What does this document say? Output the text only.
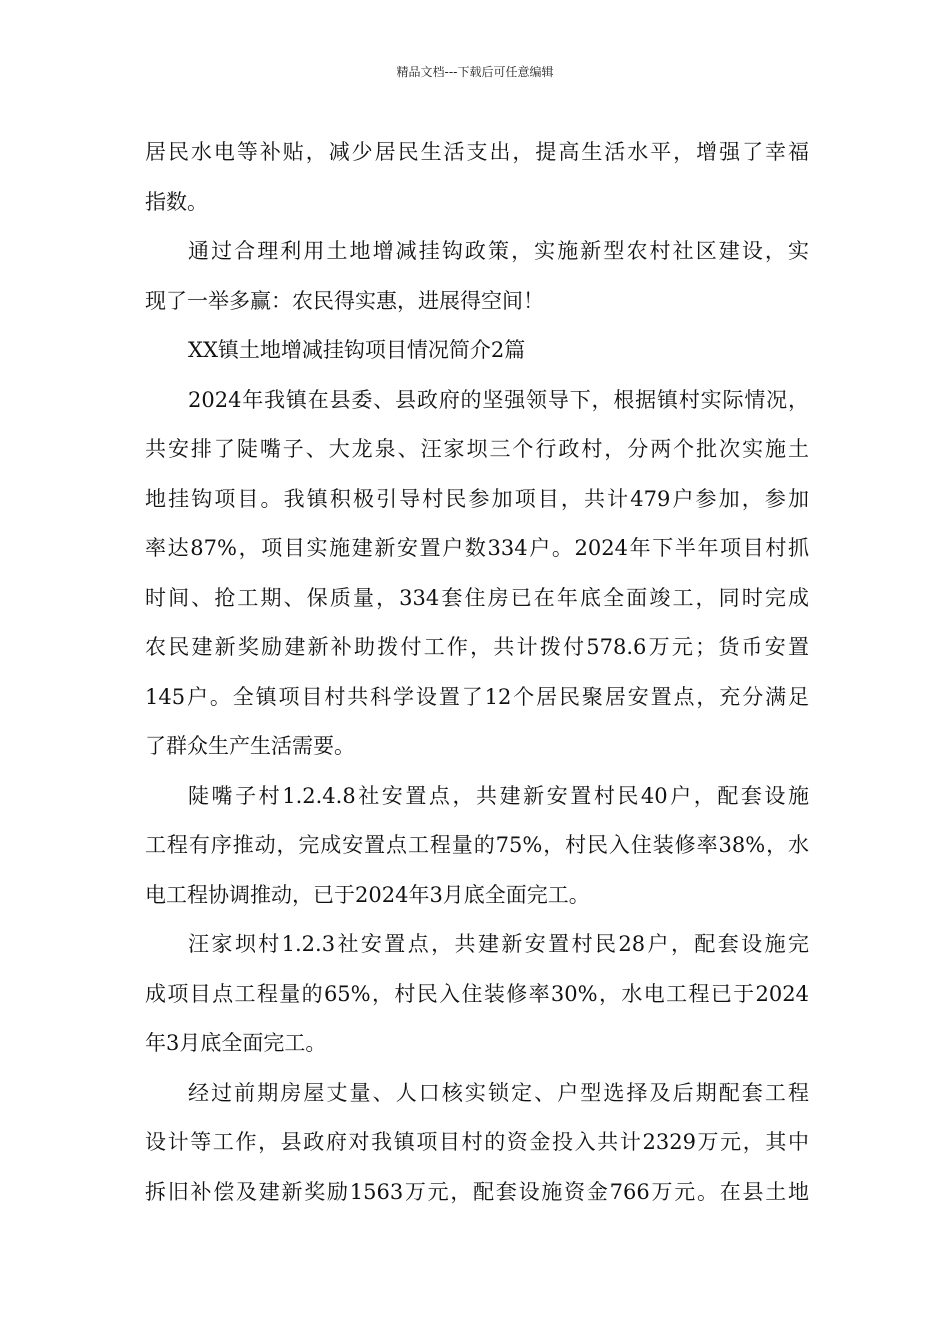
精品文档---下载后可任意编辑
居民水电等补贴，减少居民生活支出，提高生活水平，增强了幸福
指数。
通过合理利用土地增减挂钩政策，实施新型农村社区建设，实
现了一举多赢：农民得实惠，进展得空间！
XX镇土地增减挂钩项目情况简介2篇
2024年我镇在县委、县政府的坚强领导下，根据镇村实际情况，
共安排了陡嘴子、大龙泉、汪家坝三个行政村，分两个批次实施土
地挂钩项目。我镇积极引导村民参加项目，共计479户参加，参加
率达87%，项目实施建新安置户数334户。2024年下半年项目村抓
时间、抢工期、保质量，334套住房已在年底全面竣工，同时完成
农民建新奖励建新补助拨付工作，共计拨付578.6万元；货币安置
145户。全镇项目村共科学设置了12个居民聚居安置点，充分满足
了群众生产生活需要。
陡嘴子村1.2.4.8社安置点，共建新安置村民40户，配套设施
工程有序推动，完成安置点工程量的75%，村民入住装修率38%，水
电工程协调推动，已于2024年3月底全面完工。
汪家坝村1.2.3社安置点，共建新安置村民28户，配套设施完
成项目点工程量的65%，村民入住装修率30%，水电工程已于2024
年3月底全面完工。
经过前期房屋丈量、人口核实锁定、户型选择及后期配套工程
设计等工作，县政府对我镇项目村的资金投入共计2329万元，其中
拆旧补偿及建新奖励1563万元，配套设施资金766万元。在县土地
